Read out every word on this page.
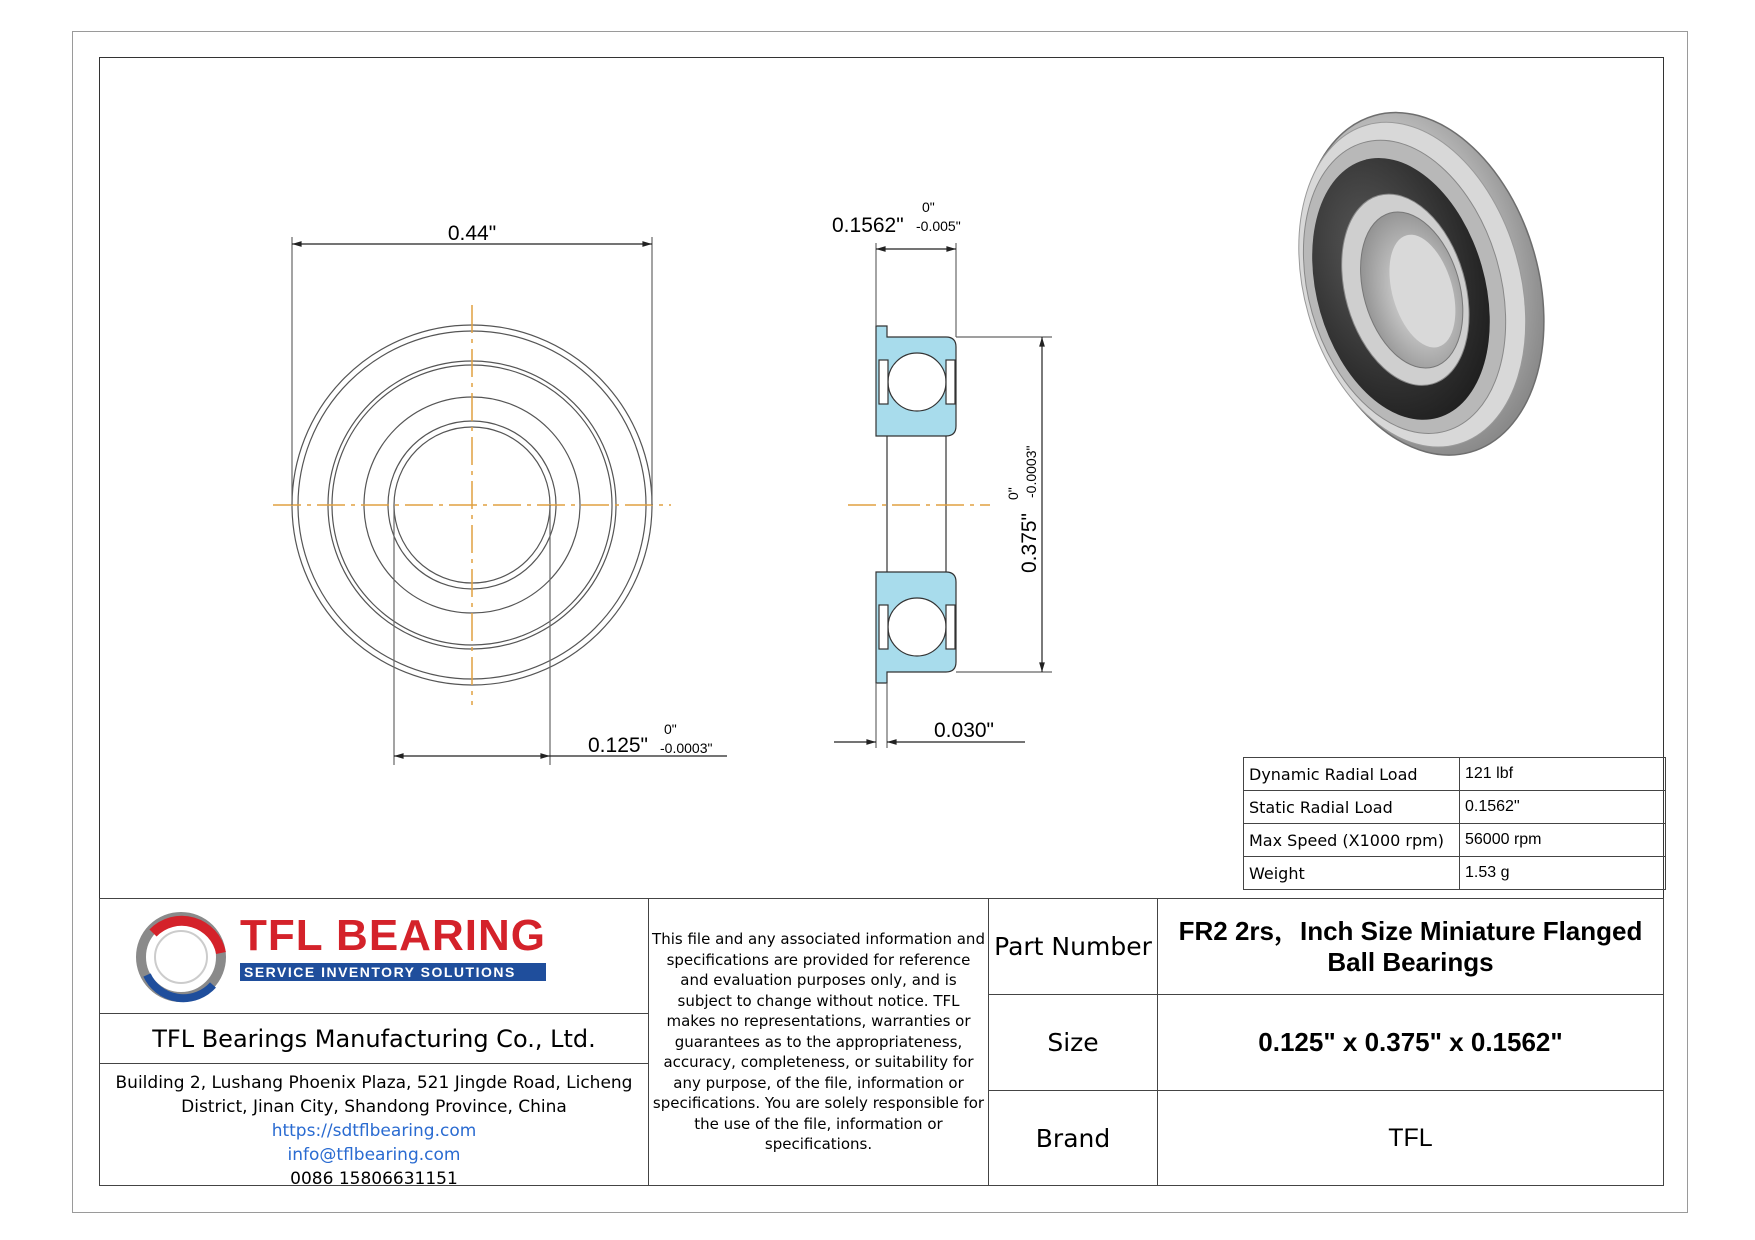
0.44"
0.125"
0"
-0.0003"
0.1562"
0"
-0.005"
0.375"
0" -0.0003"
0.030"
Dynamic Radial Load	121 lbf
Static Radial Load	0.1562"
Max Speed (X1000 rpm)	56000 rpm
Weight	1.53 g
TFL BEARING
SERVICE INVENTORY SOLUTIONS
TFL Bearings Manufacturing Co., Ltd.
Building 2, Lushang Phoenix Plaza, 521 Jingde Road, Licheng
District, Jinan City, Shandong Province, China
https://sdtflbearing.com
info@tflbearing.com
0086 15806631151
This file and any associated information and specifications are provided for reference and evaluation purposes only, and is subject to change without notice. TFL makes no representations, warranties or guarantees as to the appropriateness, accuracy, completeness, or suitability for any purpose, of the file, information or specifications. You are solely responsible for the use of the file, information or specifications.
Part Number
FR2 2rs，Inch Size Miniature Flanged
Ball Bearings
Size	0.125" x 0.375" x 0.1562"
Brand	TFL
